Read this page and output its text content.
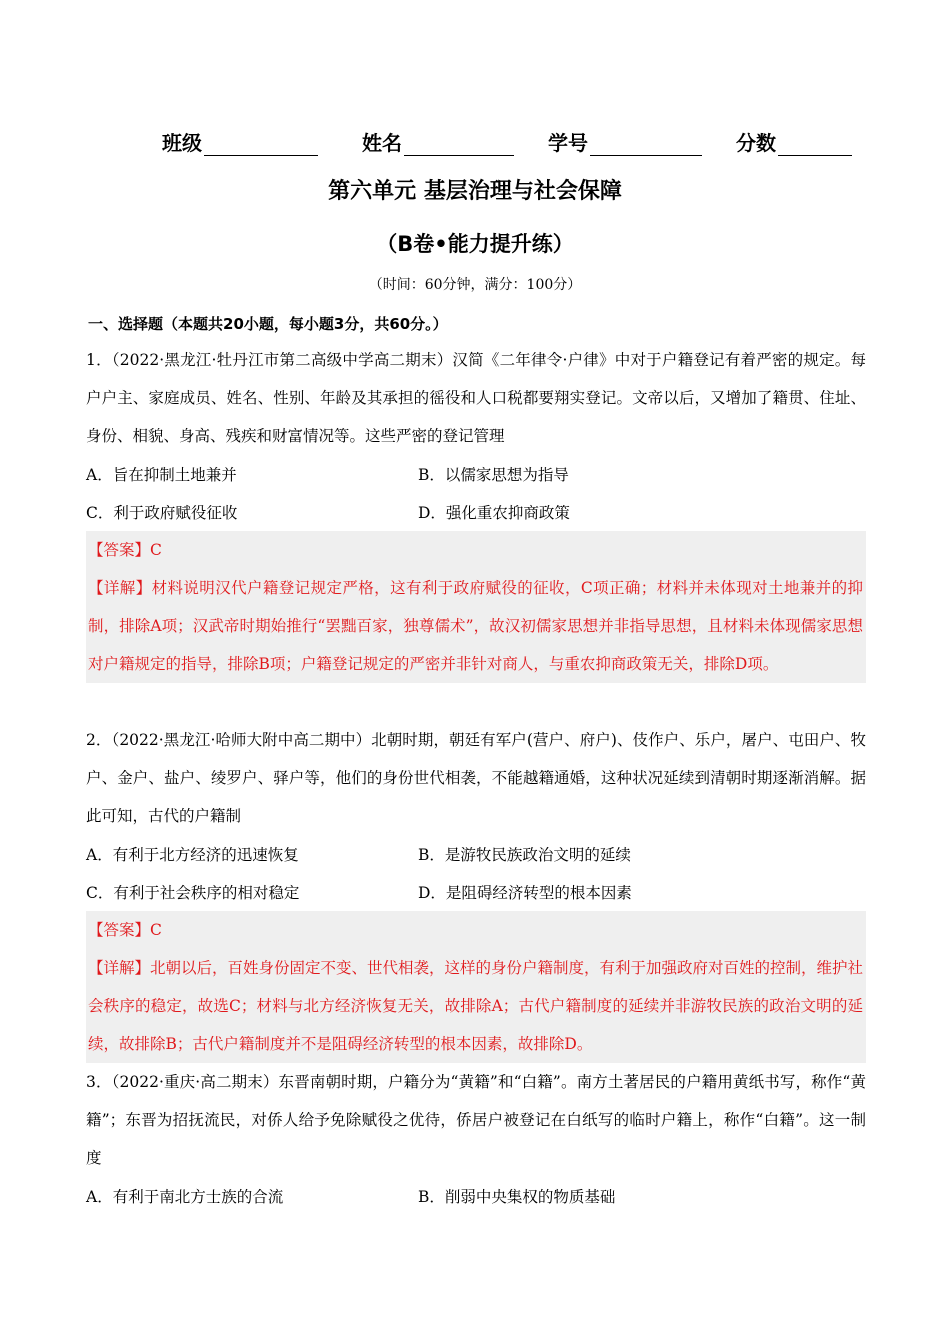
班级	姓名	学号	分数
第六单元 基层治理与社会保障
（B卷•能力提升练）
（时间：60分钟，满分：100分）
一、选择题（本题共20小题，每小题3分，共60分。）
1．（2022·黑龙江·牡丹江市第二高级中学高二期末）汉简《二年律令·户律》中对于户籍登记有着严密的规定。每户户主、家庭成员、姓名、性别、年龄及其承担的徭役和人口税都要翔实登记。文帝以后，又增加了籍贯、住址、身份、相貌、身高、残疾和财富情况等。这些严密的登记管理
A．旨在抑制土地兼并	B．以儒家思想为指导
C．利于政府赋役征收	D．强化重农抑商政策
【答案】C
【详解】材料说明汉代户籍登记规定严格，这有利于政府赋役的征收，C项正确；材料并未体现对土地兼并的抑制，排除A项；汉武帝时期始推行“罢黜百家，独尊儒术”，故汉初儒家思想并非指导思想，且材料未体现儒家思想对户籍规定的指导，排除B项；户籍登记规定的严密并非针对商人，与重农抑商政策无关，排除D项。
2．（2022·黑龙江·哈师大附中高二期中）北朝时期，朝廷有军户(营户、府户)、伎作户、乐户，屠户、屯田户、牧户、金户、盐户、绫罗户、驿户等，他们的身份世代相袭，不能越籍通婚，这种状况延续到清朝时期逐渐消解。据此可知，古代的户籍制
A．有利于北方经济的迅速恢复	B．是游牧民族政治文明的延续
C．有利于社会秩序的相对稳定	D．是阻碍经济转型的根本因素
【答案】C
【详解】北朝以后，百姓身份固定不变、世代相袭，这样的身份户籍制度，有利于加强政府对百姓的控制，维护社会秩序的稳定，故选C；材料与北方经济恢复无关，故排除A；古代户籍制度的延续并非游牧民族的政治文明的延续，故排除B；古代户籍制度并不是阻碍经济转型的根本因素，故排除D。
3．（2022·重庆·高二期末）东晋南朝时期，户籍分为“黄籍”和“白籍”。南方土著居民的户籍用黄纸书写，称作“黄籍”；东晋为招抚流民，对侨人给予免除赋役之优待，侨居户被登记在白纸写的临时户籍上，称作“白籍”。这一制度
A．有利于南北方士族的合流	B．削弱中央集权的物质基础
